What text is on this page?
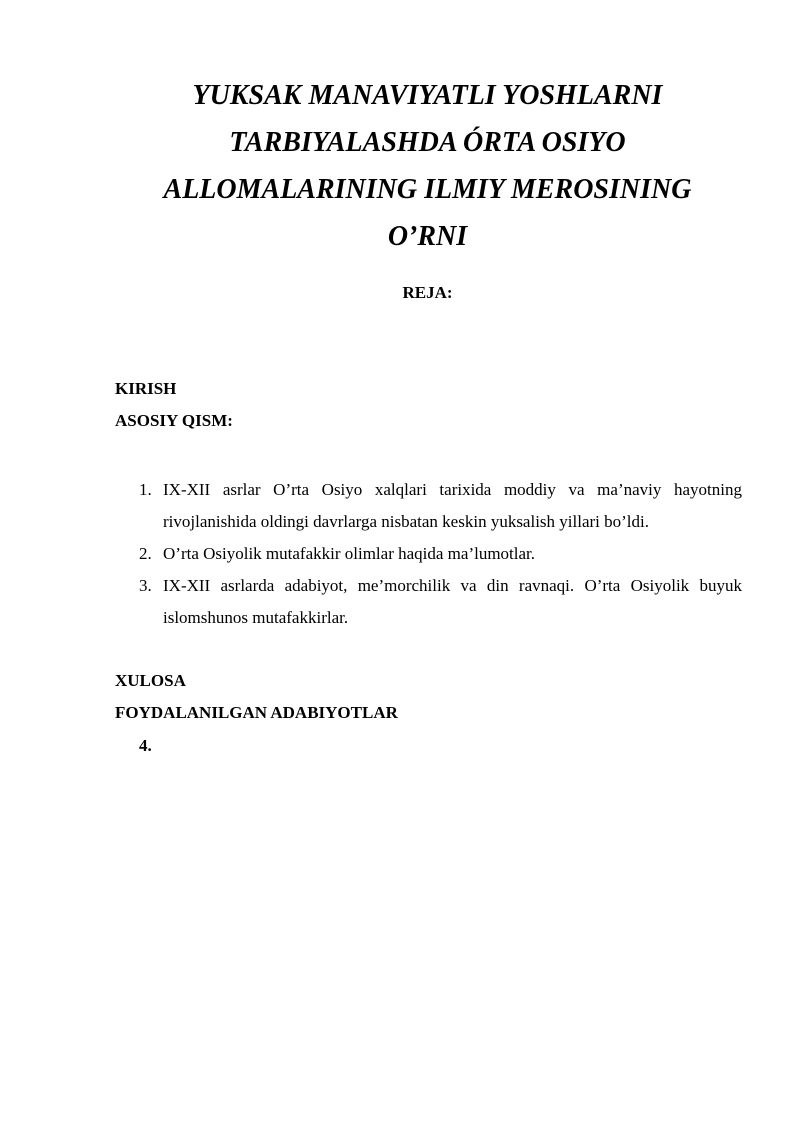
YUKSAK MANAVIYATLI YOSHLARNI
TARBIYALASHDA ÓRTA OSIYO
ALLOMALARINING ILMIY MEROSINING
O’RNI
REJA:
KIRISH
ASOSIY QISM:
1. IX-XII asrlar O’rta Osiyo xalqlari tarixida moddiy va ma’naviy hayotning rivojlanishida oldingi davrlarga nisbatan keskin yuksalish yillari bo’ldi.
2. O’rta Osiyolik mutafakkir olimlar haqida ma’lumotlar.
3. IX-XII asrlarda adabiyot, me’morchilik va din ravnaqi. O’rta Osiyolik buyuk islomshunos mutafakkirlar.
XULOSA
FOYDALANILGAN ADABIYOTLAR
4.
